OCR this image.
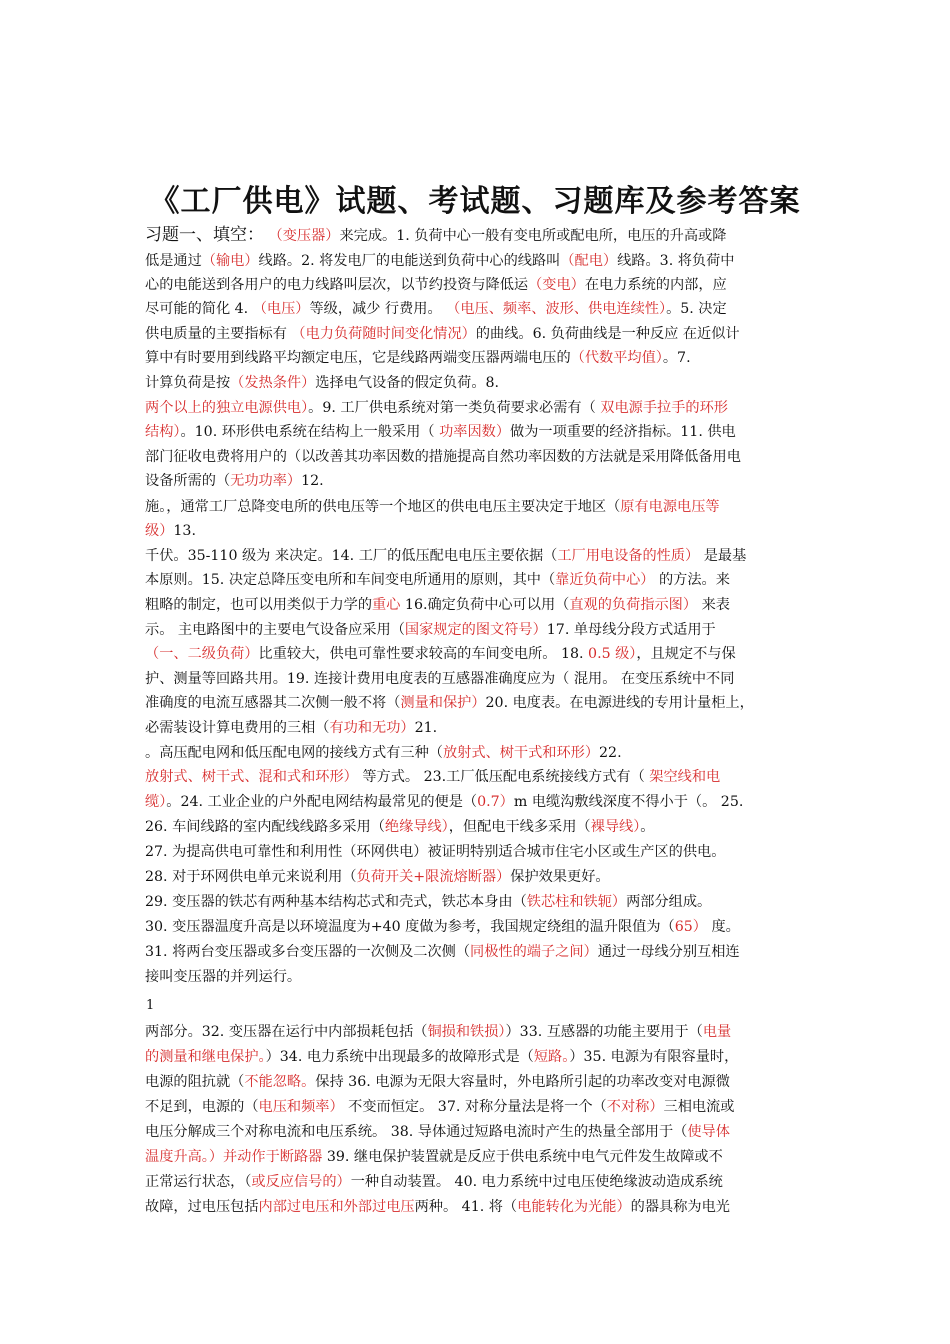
《工厂供电》试题、考试题、习题库及参考答案
习题一、填空： （变压器）来完成。1. 负荷中心一般有变电所或配电所，电压的升高或降
低是通过（输电）线路。2. 将发电厂的电能送到负荷中心的线路叫（配电）线路。3. 将负荷中
心的电能送到各用户的电力线路叫层次，以节约投资与降低运（变电）在电力系统的内部，应
尽可能的简化 4. （电压）等级，减少 行费用。 （电压、频率、波形、供电连续性）。5. 决定
供电质量的主要指标有 （电力负荷随时间变化情况）的曲线。6. 负荷曲线是一种反应 在近似计
算中有时要用到线路平均额定电压，它是线路两端变压器两端电压的（代数平均值）。7.
计算负荷是按（发热条件）选择电气设备的假定负荷。8.
两个以上的独立电源供电）。9. 工厂供电系统对第一类负荷要求必需有（ 双电源手拉手的环形
结构）。10. 环形供电系统在结构上一般采用（ 功率因数）做为一项重要的经济指标。11. 供电
部门征收电费将用户的（以改善其功率因数的措施提高自然功率因数的方法就是采用降低备用电
设备所需的（无功功率）12.
施。，通常工厂总降变电所的供电压等一个地区的供电电压主要决定于地区（原有电源电压等
级）13.
千伏。35-110 级为 来决定。14. 工厂的低压配电电压主要依据（工厂用电设备的性质） 是最基
本原则。15. 决定总降压变电所和车间变电所通用的原则，其中（靠近负荷中心） 的方法。来
粗略的制定，也可以用类似于力学的重心 16.确定负荷中心可以用（直观的负荷指示图） 来表
示。 主电路图中的主要电气设备应采用（国家规定的图文符号）17. 单母线分段方式适用于
（一、二级负荷）比重较大，供电可靠性要求较高的车间变电所。 18. 0.5 级），且规定不与保
护、测量等回路共用。19. 连接计费用电度表的互感器准确度应为（ 混用。 在变压系统中不同
准确度的电流互感器其二次侧一般不将（测量和保护）20. 电度表。在电源进线的专用计量柜上，
必需装设计算电费用的三相（有功和无功）21.
。高压配电网和低压配电网的接线方式有三种（放射式、树干式和环形）22.
放射式、树干式、混和式和环形） 等方式。 23.工厂低压配电系统接线方式有（ 架空线和电
缆）。24. 工业企业的户外配电网结构最常见的便是（0.7）m 电缆沟敷线深度不得小于（。 25.
26. 车间线路的室内配线线路多采用（绝缘导线），但配电干线多采用（裸导线）。
27. 为提高供电可靠性和利用性（环网供电）被证明特别适合城市住宅小区或生产区的供电。
28. 对于环网供电单元来说利用（负荷开关+限流熔断器）保护效果更好。
29. 变压器的铁芯有两种基本结构芯式和壳式，铁芯本身由（铁芯柱和铁轭）两部分组成。
30. 变压器温度升高是以环境温度为+40 度做为参考，我国规定绕组的温升限值为（65） 度。
31. 将两台变压器或多台变压器的一次侧及二次侧（同极性的端子之间）通过一母线分别互相连
接叫变压器的并列运行。
两部分。32. 变压器在运行中内部损耗包括（铜损和铁损））33. 互感器的功能主要用于（电量
的测量和继电保护。）34. 电力系统中出现最多的故障形式是（短路。）35. 电源为有限容量时，
电源的阻抗就（不能忽略。保持 36. 电源为无限大容量时，外电路所引起的功率改变对电源微
不足到，电源的（电压和频率） 不变而恒定。 37. 对称分量法是将一个（不对称）三相电流或
电压分解成三个对称电流和电压系统。 38. 导体通过短路电流时产生的热量全部用于（使导体
温度升高。）并动作于断路器 39. 继电保护装置就是反应于供电系统中电气元件发生故障或不
正常运行状态，（或反应信号的）一种自动装置。 40. 电力系统中过电压使绝缘波动造成系统
故障，过电压包括内部过电压和外部过电压两种。 41. 将（电能转化为光能）的器具称为电光
1
